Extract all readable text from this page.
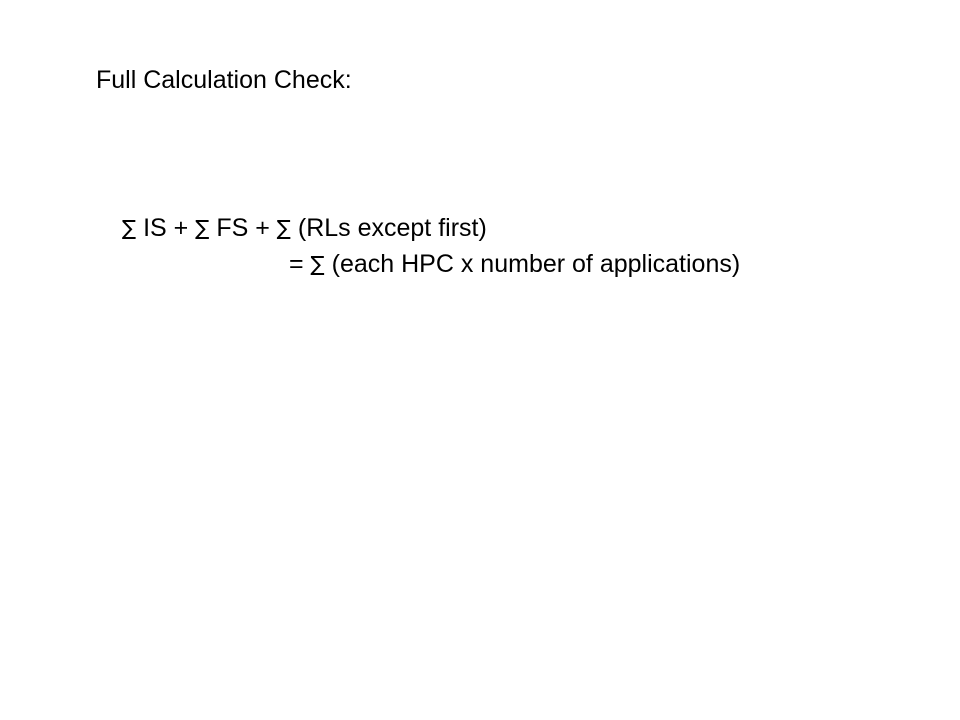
Full Calculation Check:
∑ IS + ∑ FS + ∑ (RLs except first)
= ∑ (each HPC x number of applications)
